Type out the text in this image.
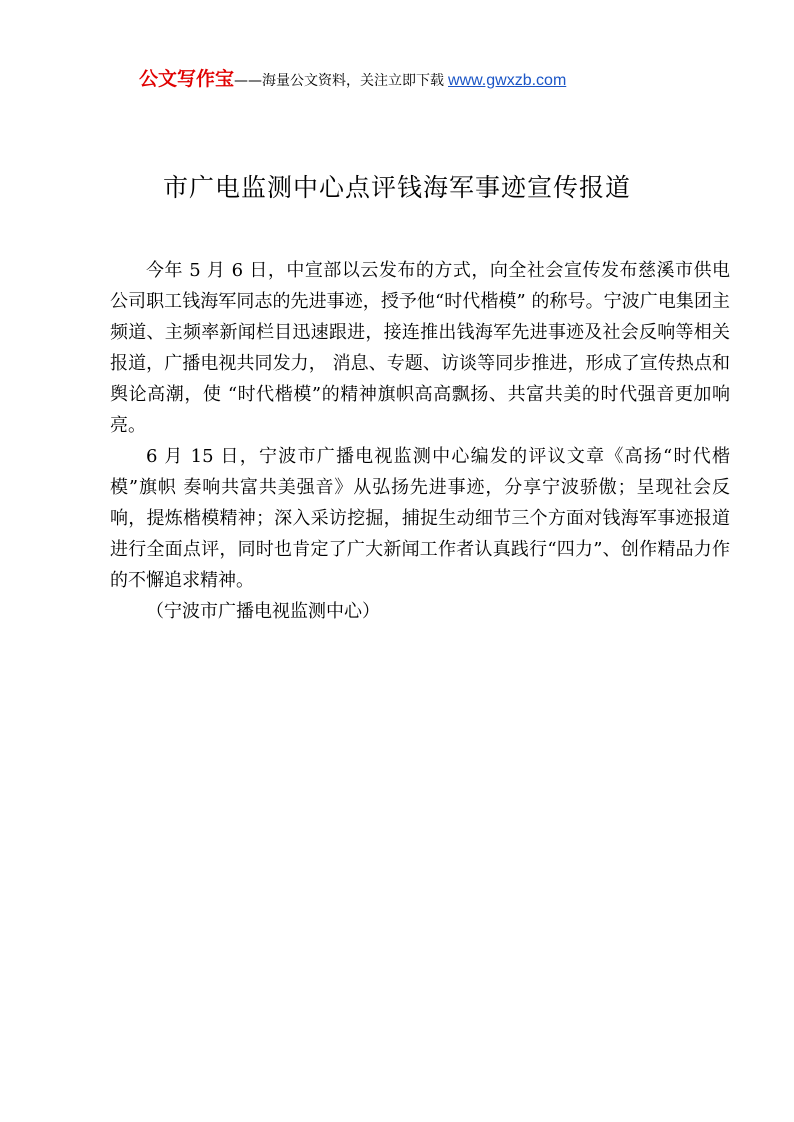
公文写作宝——海量公文资料，关注立即下载 www.gwxzb.com
市广电监测中心点评钱海军事迹宣传报道

今年 5 月 6 日，中宣部以云发布的方式，向全社会宣传发布慈溪市供电公司职工钱海军同志的先进事迹，授予他“时代楷模” 的称号。宁波广电集团主频道、主频率新闻栏目迅速跟进，接连推出钱海军先进事迹及社会反响等相关报道，广播电视共同发力， 消息、专题、访谈等同步推进，形成了宣传热点和舆论高潮，使 “时代楷模”的精神旗帜高高飘扬、共富共美的时代强音更加响 亮。

6 月 15 日，宁波市广播电视监测中心编发的评议文章《高扬“时代楷模”旗帜 奏响共富共美强音》从弘扬先进事迹，分享宁波骄傲；呈现社会反响，提炼楷模精神；深入采访挖掘，捕捉生动细节三个方面对钱海军事迹报道进行全面点评，同时也肯定了广大新闻工作者认真践行“四力”、创作精品力作的不懈追求精神。

（宁波市广播电视监测中心）
